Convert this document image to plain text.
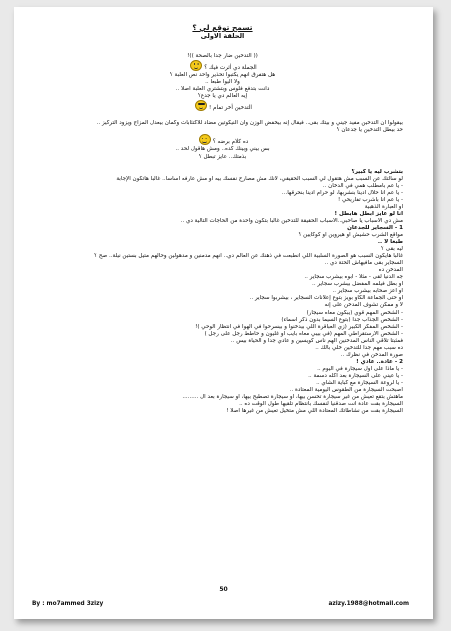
تسمح توقع لي ؟
الحلقة الاولى
(( التدخين ضار جدا بالصحة ))!
الجملة دي أثرت فيك ؟
هل هتفرق انهم يكتبوا تحذير واحد نص العلبة ؟
ولا اليوا طبعا ..
دانت بتدفع فلوس وبتشتري العلبة أصلا ..
إيه العالم دي يا جدع؟
التدخين أخر تمام !
بيقولوا ان التدخين مفيد جيني و بيتك بقى.. فيقال إنه بيخفض الوزن وان النيكوتين مضاد للاكتئابات وكمان بيعدل المزاج ويزود التركيز ..
حد بيطل التدخين يا جدعان ؟
ده كلام برضه ؟
بس بيني وبينك كده.. ومش هاقول لحد ..
بذمتك.. عايز تبطل ؟
بتشرب ليه يا كبير؟
لو سألتك عن السبب مش هتقول لي السبب الحقيقي، لانك مش مصارح نفسك بيه أو مش عارفه أساسا.. غالبا هاتكون الإجابة
- يا عم بامطلب همي في الدخان ..
- يا عم أنا حلال أدينا بنشربها، لو حرام أدينا بنحرقها...
- يا عم أنا باشرب تفاريحي !
أو العبارة الذهبية
أنا لو عايز أبطل هابطل !
مش دي الأسباب يا صاحبي..الأسباب الحقيقة للتدخين غالبا بتكون واحدة من الحاجات التالية دي ..
1 - السجاير للجدعان
مواقع الشرب حشيش أو هيروين أو كوكايين ؟
طبعا لأ ..
ليه بقى ؟
غالبا هايكون السبب هو الصورة السلبية اللي انطبعت في ذهنك عن العالم دي.. انهم مدمنين و مدهولين وحالهم متيل بستين نيلة.. صح ؟
السجاير بقى مافيهاش الحتة دي ..
المدخن ده
جه الدنيا لقى - مثلا - أبوه بيشرب سجاير ..
أو بطل فيلمه المفضل بيشرب سجاير ..
أو أعز صحابه بيشرب سجاير ..
أو حتى الجماعة الكاو بويز بتوع إعلانات السجاير ، بيشربوا سجاير ..
لا و ممكن تشوف المدخن على إنه
- الشخص المهم قوي (يبكون معاه سيجار)
- الشخص الجذاب جدا (بتوع السيما بدون ذكر أسماء)
- الشخص المفكر الكبير (زي العباقرة اللي بيدخنوا و بيسرحوا في الهوا في انتظار الوحي )!
- الشخص الأرستقراطي المهم (في بيبي معاه بايب أو غليون و حاطط رجل على رجل )
فمثبتا تلاقي الناس المدخنين الهم ناس كويسين و عادي جدا و الحياة بيس ..
ده سبب مهم جدا للتدخين خلي بالك ..
صورة المدخن في نظرك ..
2 - عادة.. عادي !
- يا ماذا على أول سيجارة في اليوم ..
- يا عيني على السيجارة بعد أكله دسمة ..
- يا لروعة السيجارة مع كباية الشاي ..
أصبحت السيجارة من الطقوس اليومية المعتادة ..
ماهتش بتقع تعيش من غير سيجارة تحسن بيها، أو سيجارة تصطبح بيها، أو سيجارة بعد ال .........
السيجارة بقت عادة انت صدقنيا لنفسك بانتظام تلقيها طول الوقت ده ..
السيجارة بقت من نشاطاتك المعتادة اللي مش متخيل تعيش من غيرها أصلا !
50
By : mo7ammed 3zizy	azizy.1988@hotmail.com
